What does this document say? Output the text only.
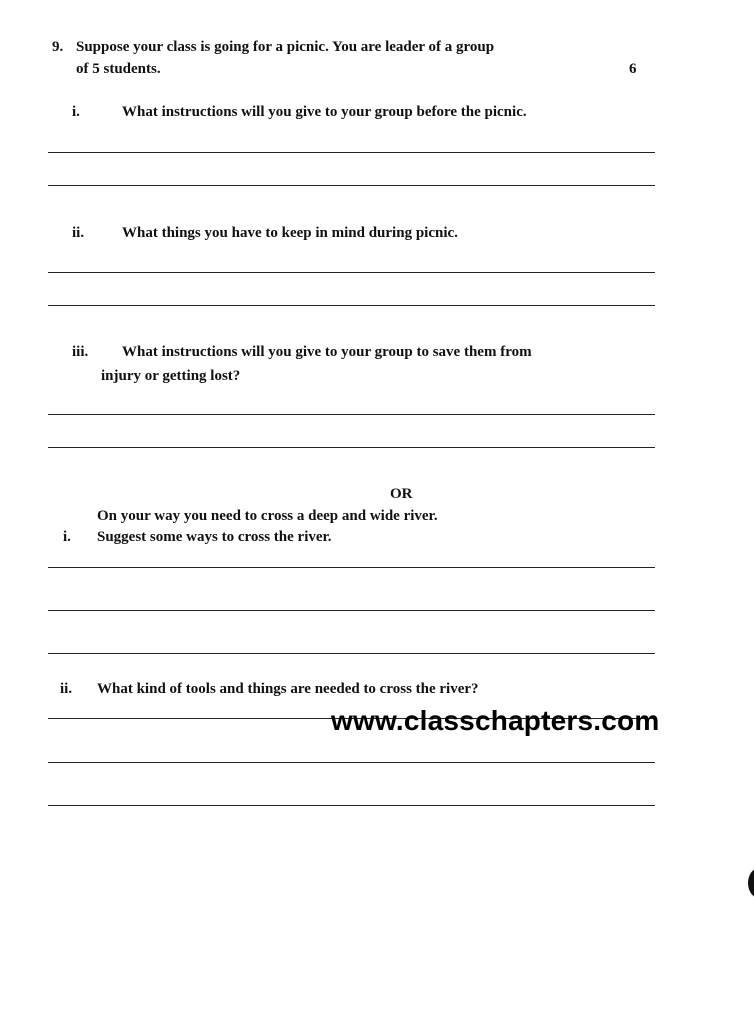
9. Suppose your class is going for a picnic. You are leader of a group
of 5 students.	6
i.	What instructions will you give to your group before the picnic.
ii.	What things you have to keep in mind during picnic.
iii. What instructions will you give to your group to save them from
injury or getting lost?
OR
On your way you need to cross a deep and wide river.
i. Suggest some ways to cross the river.
ii. What kind of tools and things are needed to cross the river?
www.classchapters.com
